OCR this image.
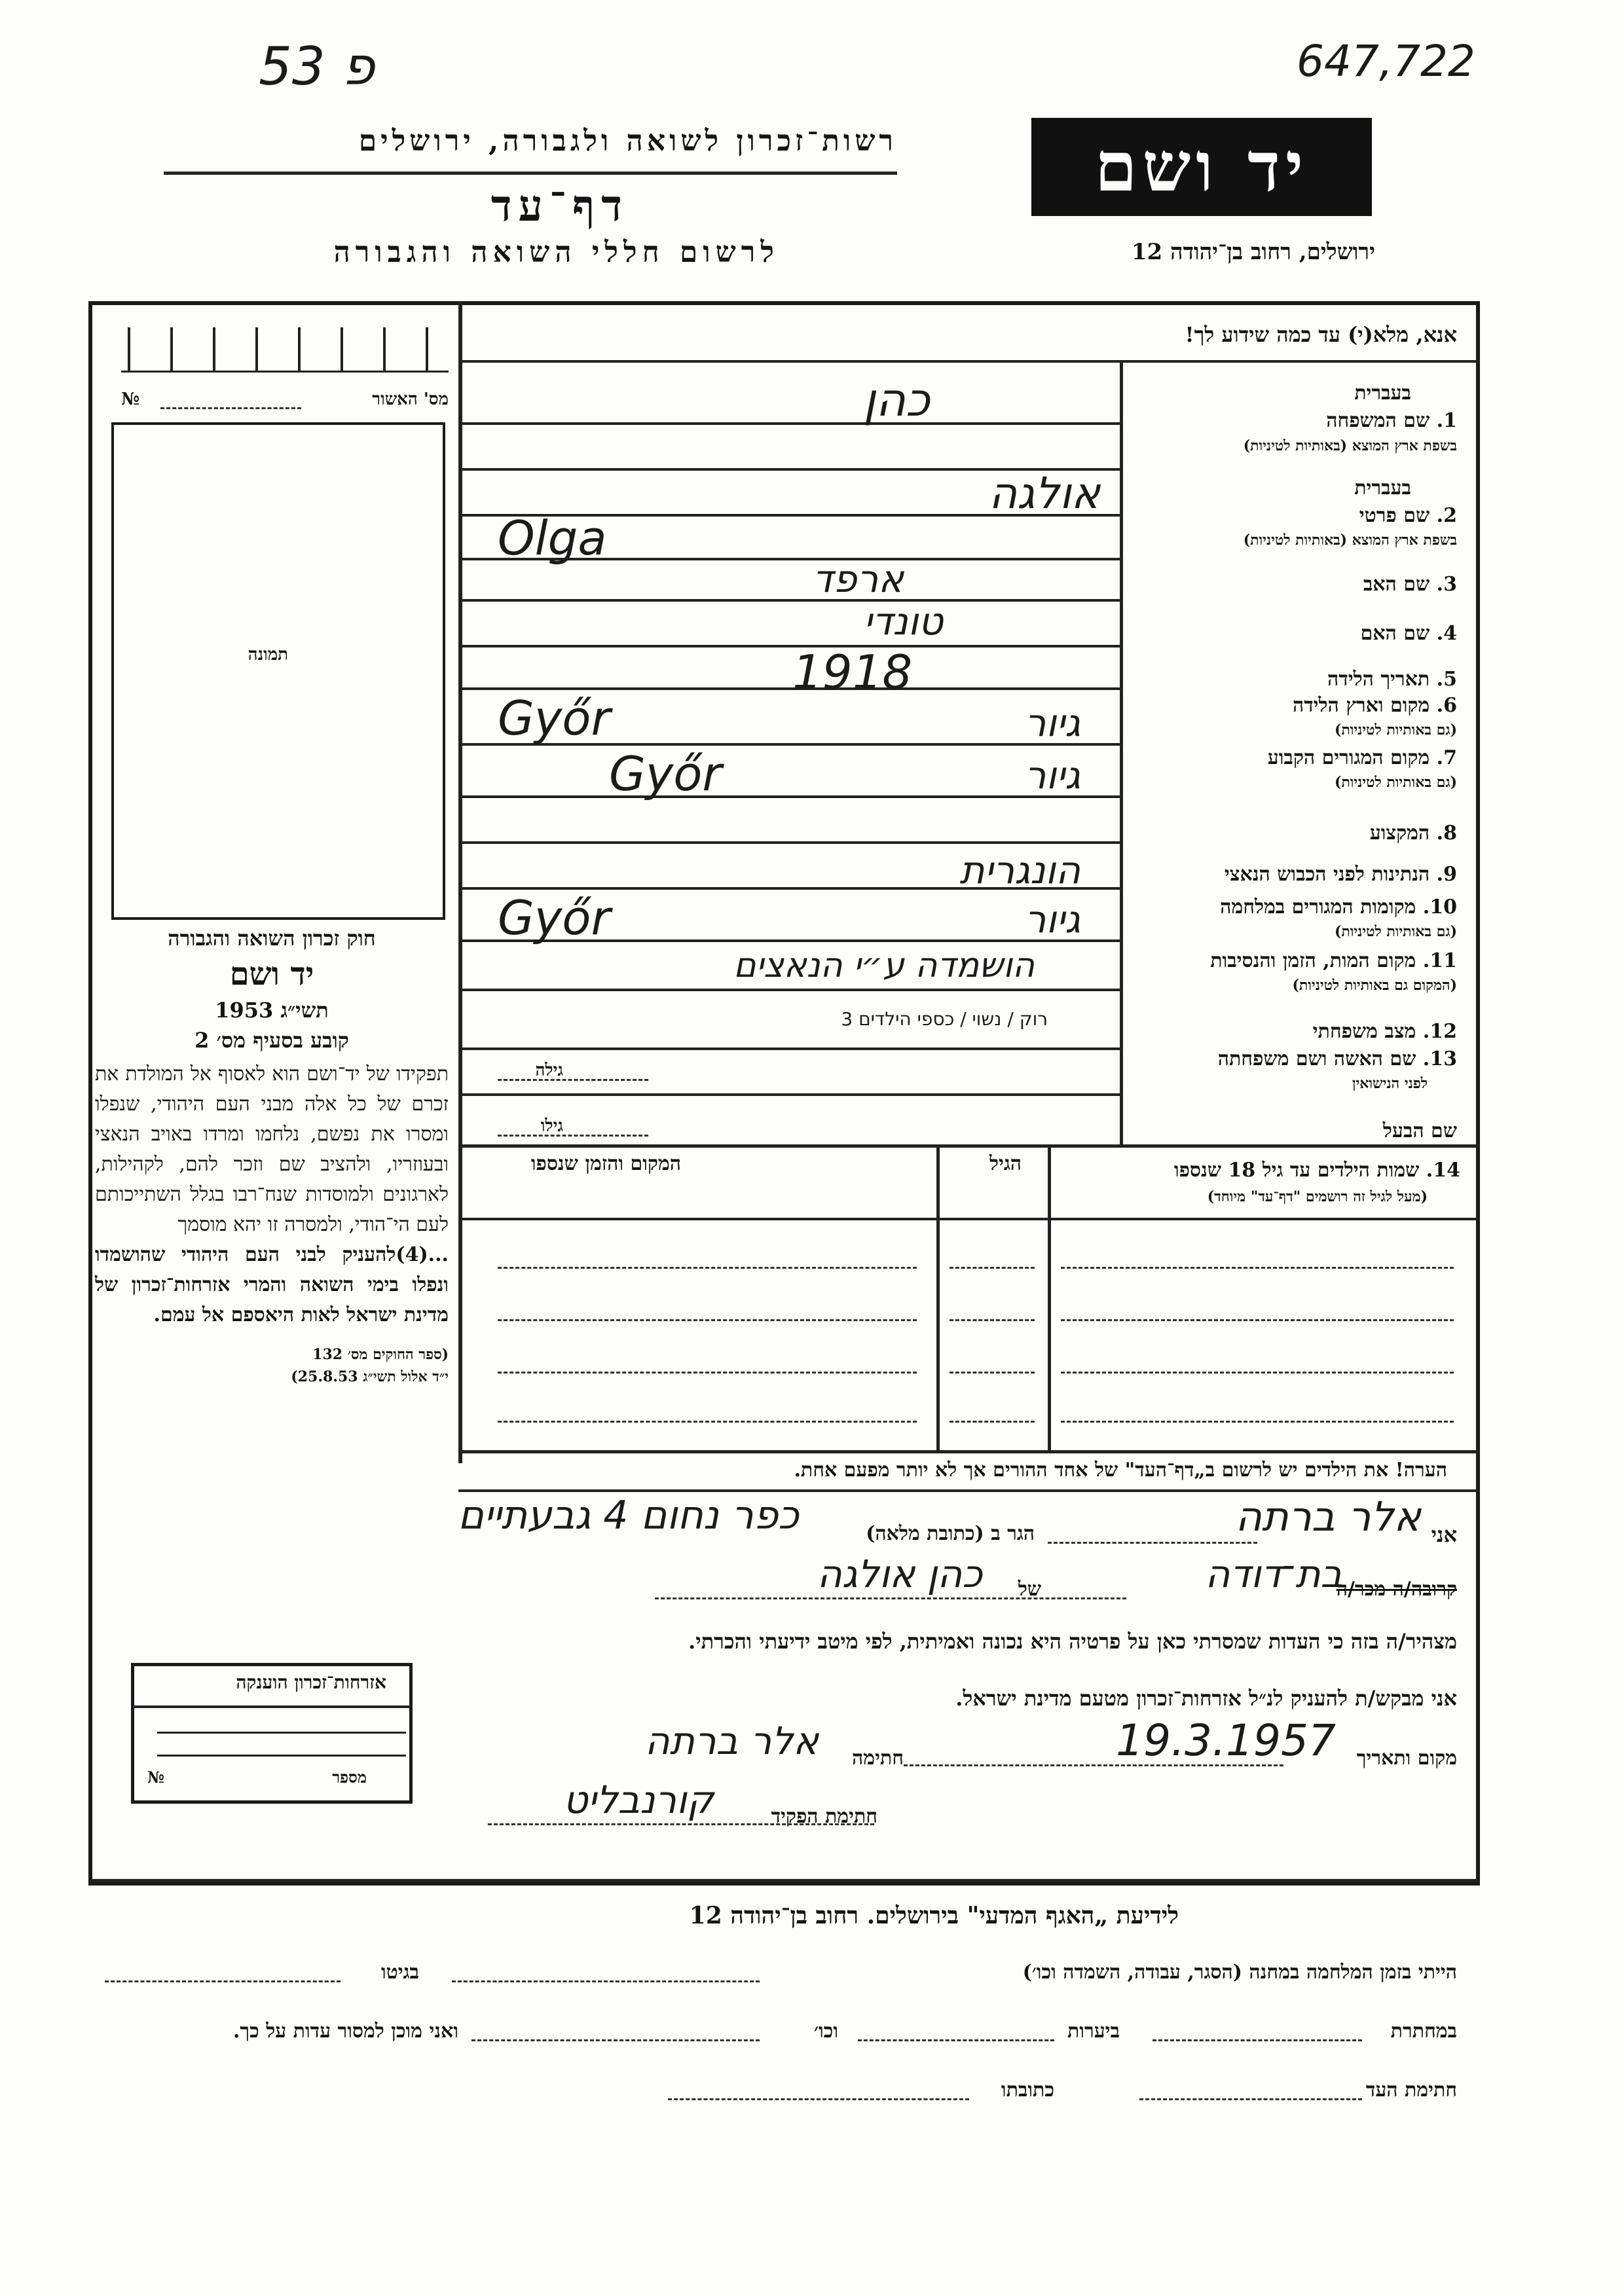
53 פ	647,722
רשות־זכרון לשואה ולגבורה, ירושלים
דף־עד
לרשום חללי השואה והגבורה
יד ושם
ירושלים, רחוב בן־יהודה 12
אנא, מלא(י) עד כמה שידוע לך!
מס' האשור
№
תמונה
בעברית
1. שם המשפחה
בשפת ארץ המוצא (באותיות לטיניות)
בעברית
2. שם פרטי
בשפת ארץ המוצא (באותיות לטיניות)
3. שם האב
4. שם האם
5. תאריך הלידה
6. מקום וארץ הלידה
(גם באותיות לטיניות)
7. מקום המגורים הקבוע
(גם באותיות לטיניות)
8. המקצוע
9. הנתינות לפני הכבוש הנאצי
10. מקומות המגורים במלחמה
(גם באותיות לטיניות)
11. מקום המות, הזמן והנסיבות
(המקום גם באותיות לטיניות)
12. מצב משפחתי
13. שם האשה ושם משפחתה
לפני הנישואין
שם הבעל
כהן
אולגה
Olga
ארפד
טונדי
1918
גיור
Győr
גיור
Győr
הונגרית
גיור
Győr
הושמדה ע״י הנאצים
רוק / נשוי / כספי הילדים 3
גילה
גילו
14. שמות הילדים עד גיל 18 שנספו
(מעל לגיל זה רושמים "דף־עד" מיוחד)
הגיל
המקום והזמן שנספו
הערה! את הילדים יש לרשום ב„דף־העד" של אחד ההורים אך לא יותר מפעם אחת.
חוק זכרון השואה והגבורה
יד ושם
תשי״ג 1953
קובע בסעיף מס׳ 2
תפקידו של יד־ושם הוא לאסוף אל המולדת את זכרם של כל אלה מבני העם היהודי, שנפלו ומסרו את נפשם, נלחמו ומרדו באויב הנאצי ובעוזריו, ולהציב שם וזכר להם, לקהילות, לארגונים ולמוסדות שנח־רבו בגלל השתייכותם לעם הי־הודי, ולמסרה זו יהא מוסמך
...(4)להעניק לבני העם היהודי שהושמדו ונפלו בימי השואה והמרי אזרחות־זכרון של מדינת ישראל לאות היאספם אל עמם.
(ספר החוקים מס׳ 132
י״ד אלול תשי״ג 25.8.53)
אני
אלר ברתה
הגר ב (כתובת מלאה)
כפר נחום 4 גבעתיים
קרובה/ה מכר/ה
בת־דודה
של
כהן אולגה
מצהיר/ה בזה כי העדות שמסרתי כאן על פרטיה היא נכונה ואמיתית, לפי מיטב ידיעתי והכרתי.
אני מבקש/ת להעניק לנ״ל אזרחות־זכרון מטעם מדינת ישראל.
מקום ותאריך
19.3.1957
חתימה
אלר ברתה
חתימת הפקיד
קורנבליט
אזרחות־זכרון הוענקה
מספר
№
לידיעת „האגף המדעי" בירושלים. רחוב בן־יהודה 12
הייתי בזמן המלחמה במחנה (הסגר, עבודה, השמדה וכו׳)
בגיטו
במחתרת
ביערות
וכו׳
ואני מוכן למסור עדות על כך.
חתימת העד
כתובתו
